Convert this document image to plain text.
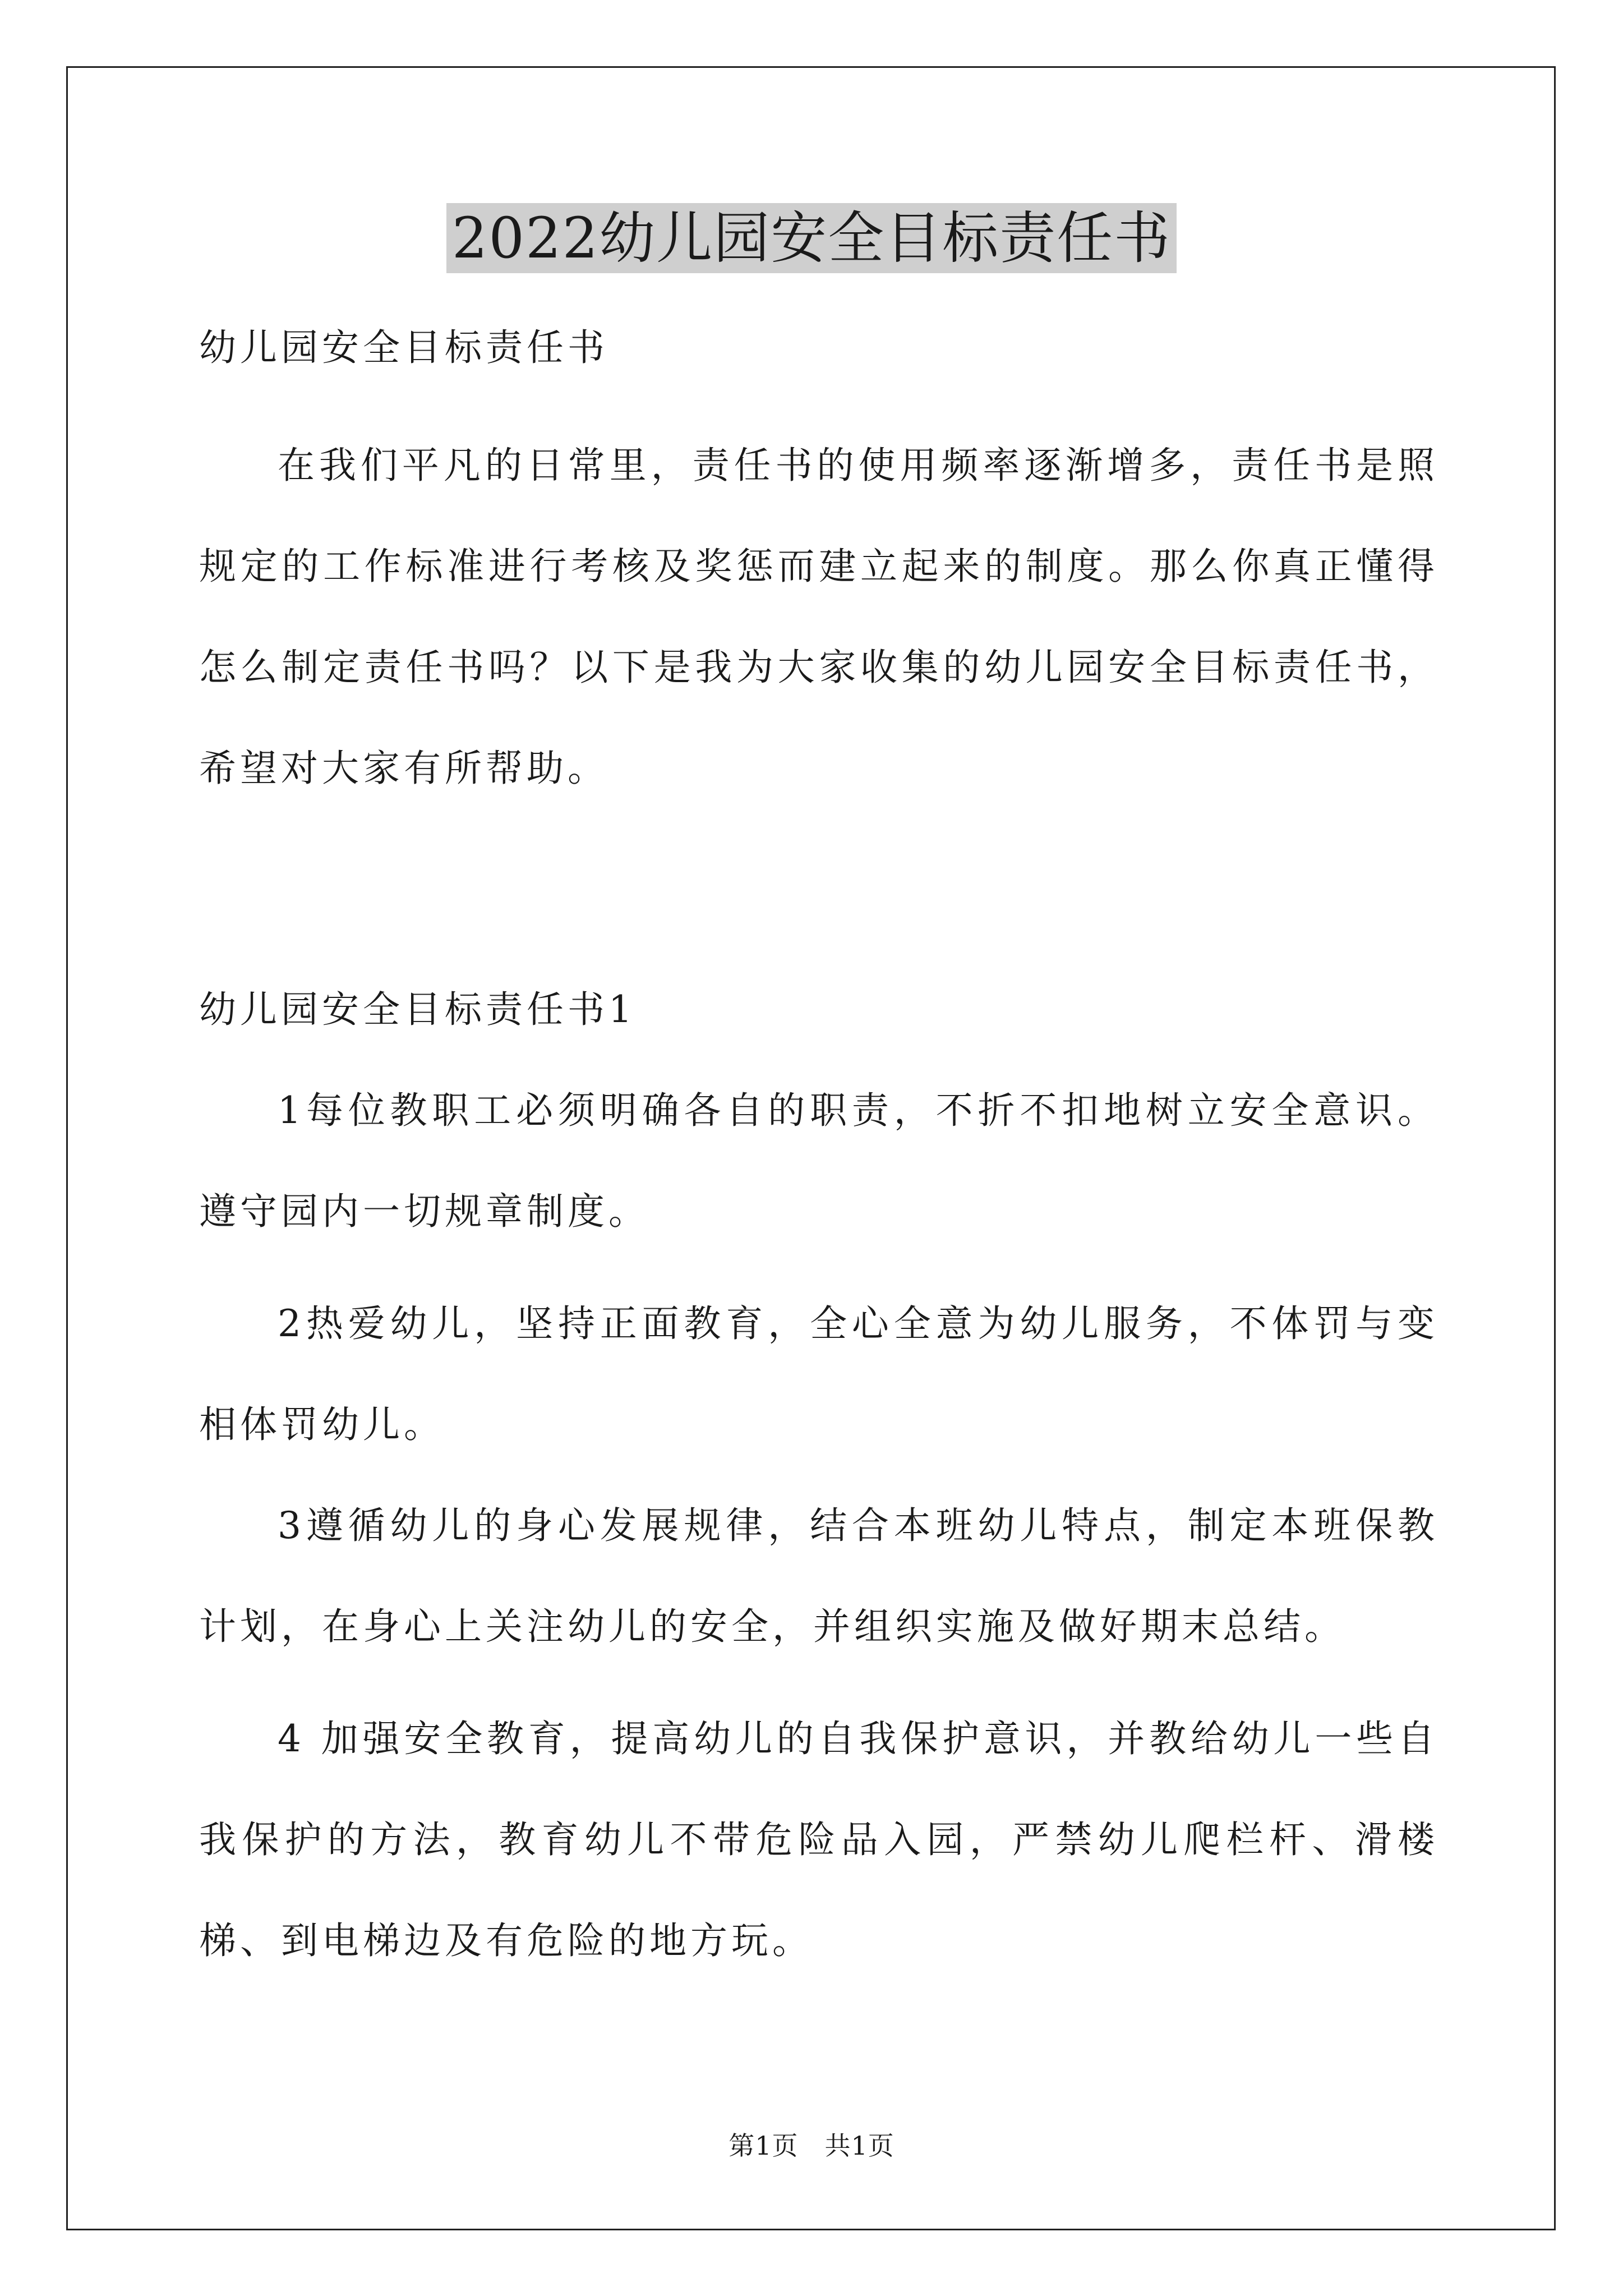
2022幼儿园安全目标责任书

幼儿园安全目标责任书

在我们平凡的日常里，责任书的使用频率逐渐增多，责任书是照规定的工作标准进行考核及奖惩而建立起来的制度。那么你真正懂得怎么制定责任书吗？以下是我为大家收集的幼儿园安全目标责任书，希望对大家有所帮助。

幼儿园安全目标责任书1

1每位教职工必须明确各自的职责，不折不扣地树立安全意识。遵守园内一切规章制度。

2热爱幼儿，坚持正面教育，全心全意为幼儿服务，不体罚与变相体罚幼儿。

3遵循幼儿的身心发展规律，结合本班幼儿特点，制定本班保教计划，在身心上关注幼儿的安全，并组织实施及做好期末总结。

4 加强安全教育，提高幼儿的自我保护意识，并教给幼儿一些自我保护的方法，教育幼儿不带危险品入园，严禁幼儿爬栏杆、滑楼梯、到电梯边及有危险的地方玩。

第1页　共1页
